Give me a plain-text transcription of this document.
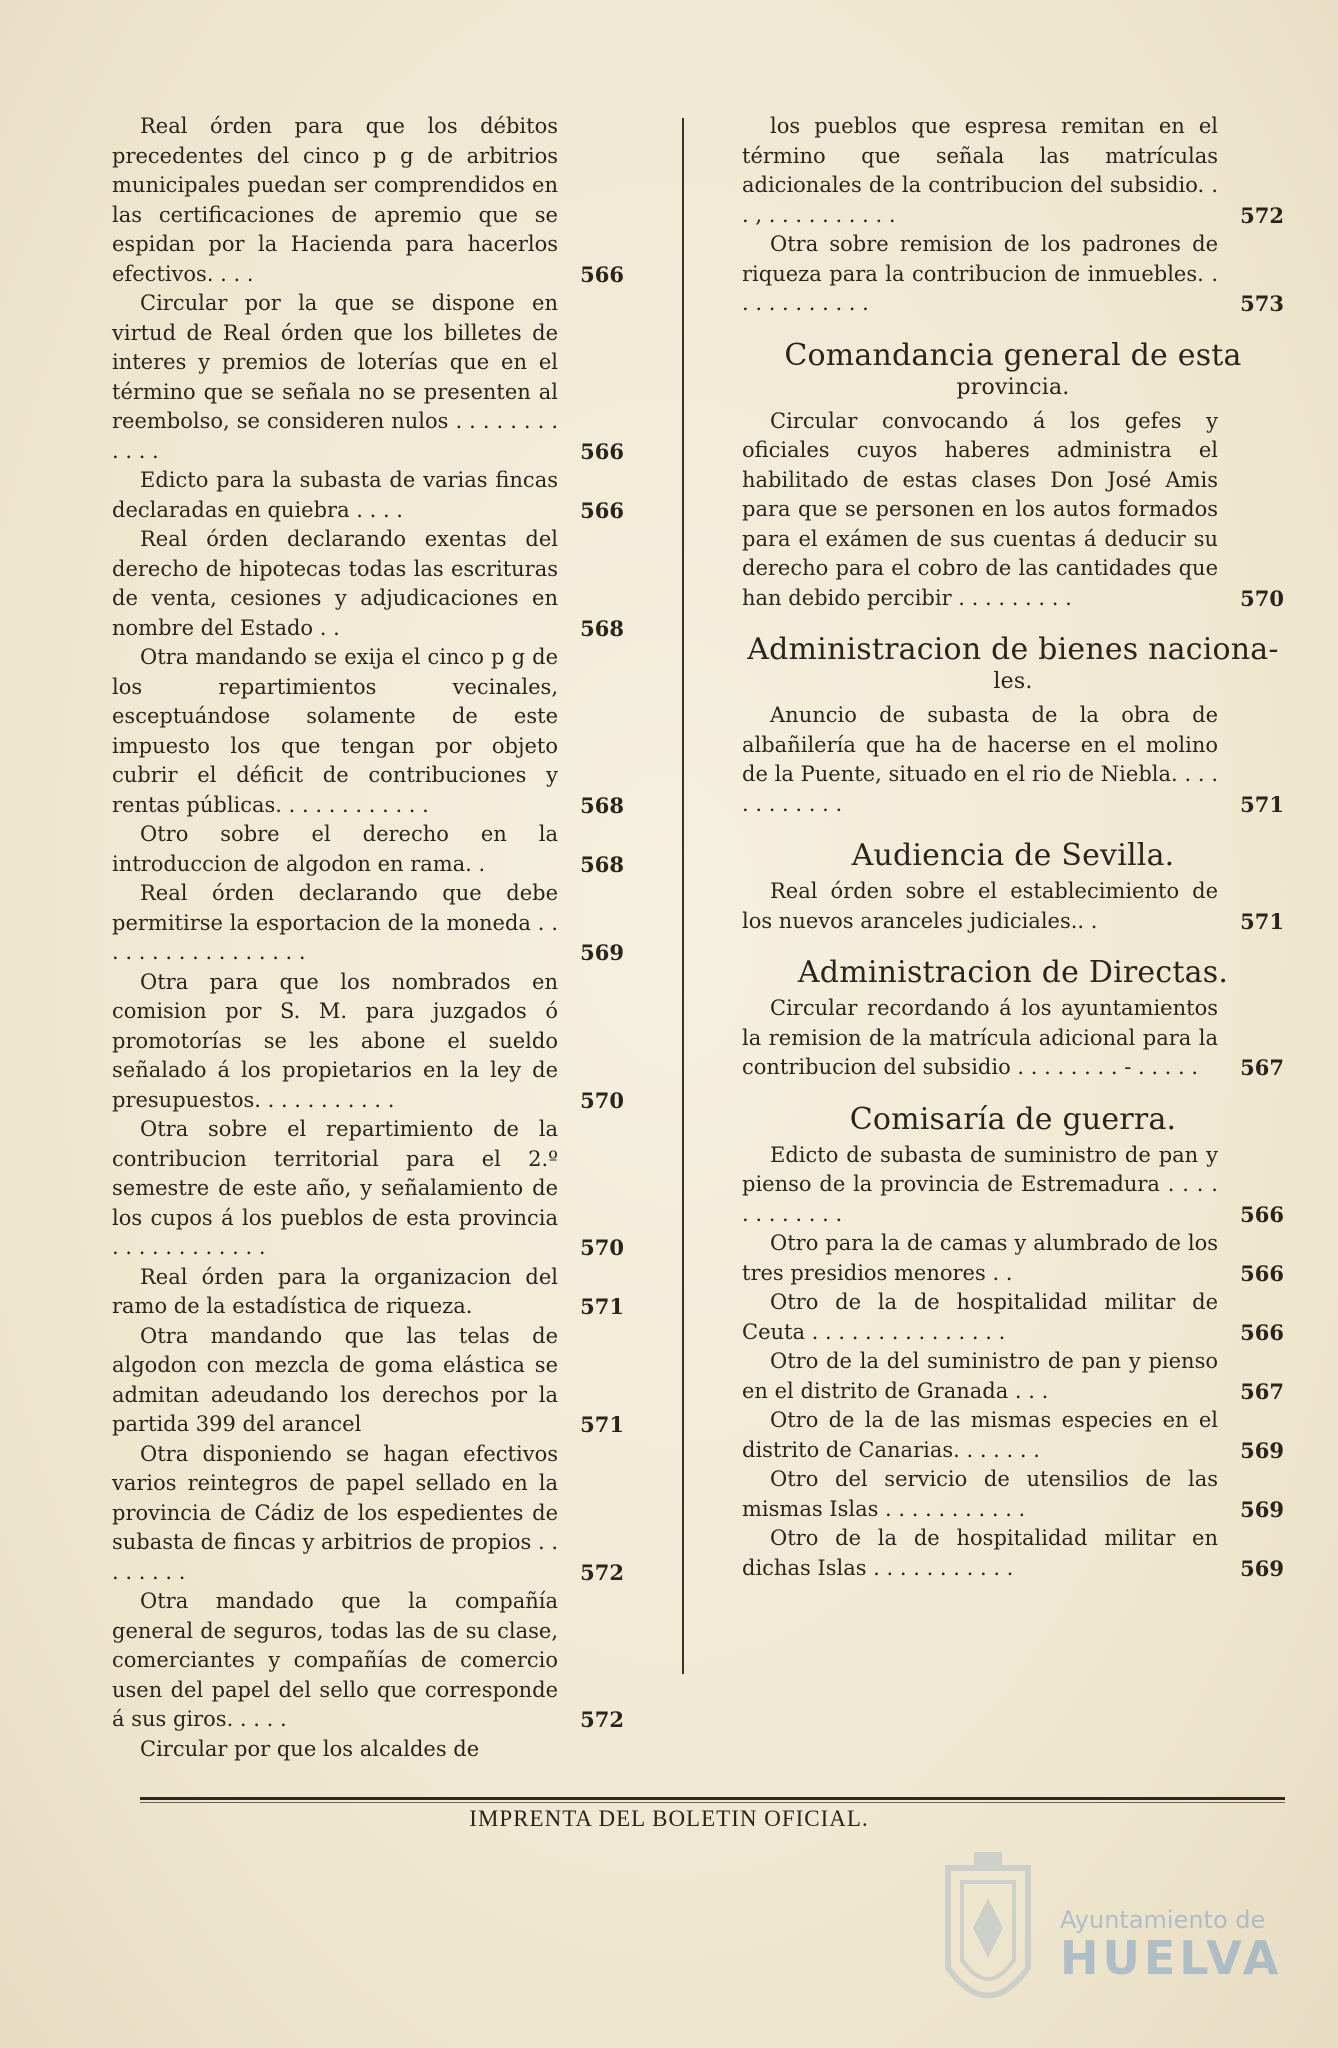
Real órden para que los débitos precedentes del cinco p g de arbitrios municipales puedan ser comprendidos en las certificaciones de apremio que se espidan por la Hacienda para hacerlos efectivos. . . .	566

Circular por la que se dispone en virtud de Real órden que los billetes de interes y premios de loterías que en el término que se señala no se presenten al reembolso, se consideren nulos . . . . . . . . . . . .	566

Edicto para la subasta de varias fincas declaradas en quiebra . . . .	566

Real órden declarando exentas del derecho de hipotecas todas las escrituras de venta, cesiones y adjudicaciones en nombre del Estado . .	568

Otra mandando se exija el cinco p g de los repartimientos vecinales, esceptuándose solamente de este impuesto los que tengan por objeto cubrir el déficit de contribuciones y rentas públicas. . . . . . . . . . . .	568

Otro sobre el derecho en la introduccion de algodon en rama. .	568

Real órden declarando que debe permitirse la esportacion de la moneda . . . . . . . . . . . . . . . . .	569

Otra para que los nombrados en comision por S. M. para juzgados ó promotorías se les abone el sueldo señalado á los propietarios en la ley de presupuestos. . . . . . . . . . .	570

Otra sobre el repartimiento de la contribucion territorial para el 2.º semestre de este año, y señalamiento de los cupos á los pueblos de esta provincia . . . . . . . . . . . .	570

Real órden para la organizacion del ramo de la estadística de riqueza.	571

Otra mandando que las telas de algodon con mezcla de goma elástica se admitan adeudando los derechos por la partida 399 del arancel	571

Otra disponiendo se hagan efectivos varios reintegros de papel sellado en la provincia de Cádiz de los espedientes de subasta de fincas y arbitrios de propios . . . . . . . .	572

Otra mandado que la compañía general de seguros, todas las de su clase, comerciantes y compañías de comercio usen del papel del sello que corresponde á sus giros. . . . .	572

Circular por que los alcaldes de

los pueblos que espresa remitan en el término que señala las matrículas adicionales de la contribucion del subsidio. . . , . . . . . . . . . .	572

Otra sobre remision de los padrones de riqueza para la contribucion de inmuebles. . . . . . . . . . . .	573

Comandancia general de esta
provincia.

Circular convocando á los gefes y oficiales cuyos haberes administra el habilitado de estas clases Don José Amis para que se personen en los autos formados para el exámen de sus cuentas á deducir su derecho para el cobro de las cantidades que han debido percibir . . . . . . . . .	570

Administracion de bienes naciona-
les.

Anuncio de subasta de la obra de albañilería que ha de hacerse en el molino de la Puente, situado en el rio de Niebla. . . . . . . . . . . .	571

Audiencia de Sevilla.

Real órden sobre el establecimiento de los nuevos aranceles judiciales.. .	571

Administracion de Directas.

Circular recordando á los ayuntamientos la remision de la matrícula adicional para la contribucion del subsidio . . . . . . . . - . . . . .	567

Comisaría de guerra.

Edicto de subasta de suministro de pan y pienso de la provincia de Estremadura . . . . . . . . . . . .	566

Otro para la de camas y alumbrado de los tres presidios menores . .	566

Otro de la de hospitalidad militar de Ceuta . . . . . . . . . . . . . . .	566

Otro de la del suministro de pan y pienso en el distrito de Granada . . .	567

Otro de la de las mismas especies en el distrito de Canarias. . . . . . .	569

Otro del servicio de utensilios de las mismas Islas . . . . . . . . . . .	569

Otro de la de hospitalidad militar en dichas Islas . . . . . . . . . . .	569

IMPRENTA DEL BOLETIN OFICIAL.
Ayuntamiento de
HUELVA
